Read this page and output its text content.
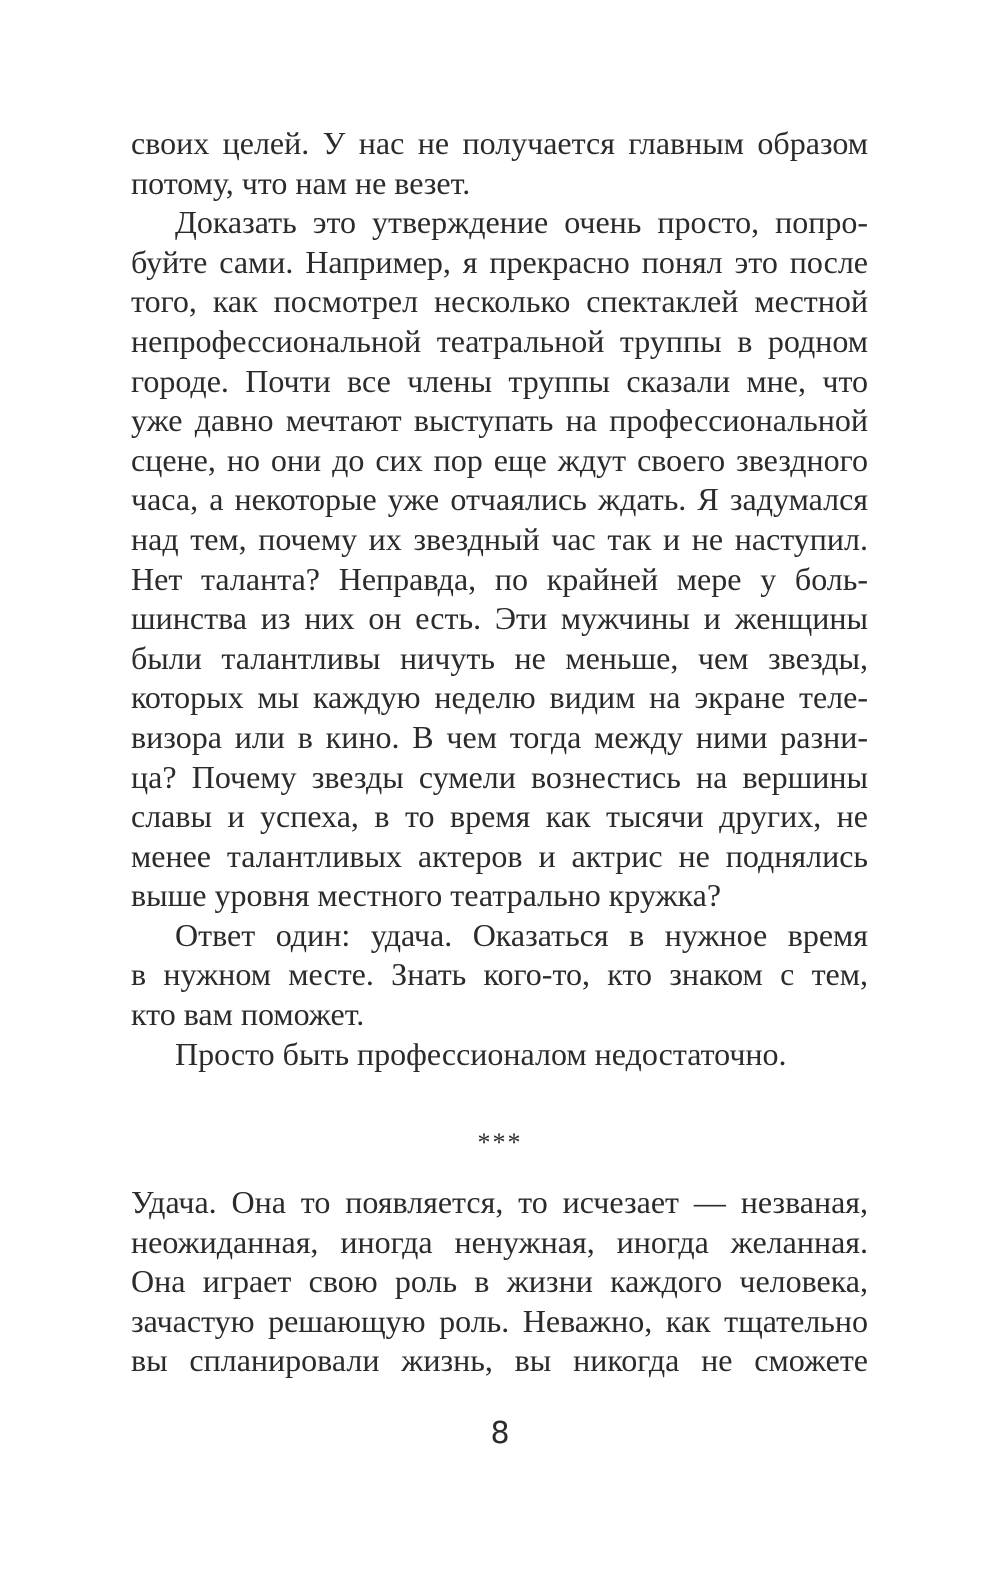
своих целей. У нас не получается главным образом
потому, что нам не везет.
Доказать это утверждение очень просто, попро-
буйте сами. Например, я прекрасно понял это после
того, как посмотрел несколько спектаклей местной
непрофессиональной театральной труппы в родном
городе. Почти все члены труппы сказали мне, что
уже давно мечтают выступать на профессиональной
сцене, но они до сих пор еще ждут своего звездного
часа, а некоторые уже отчаялись ждать. Я задумался
над тем, почему их звездный час так и не наступил.
Нет таланта? Неправда, по крайней мере у боль-
шинства из них он есть. Эти мужчины и женщины
были талантливы ничуть не меньше, чем звезды,
которых мы каждую неделю видим на экране теле-
визора или в кино. В чем тогда между ними разни-
ца? Почему звезды сумели вознестись на вершины
славы и успеха, в то время как тысячи других, не
менее талантливых актеров и актрис не поднялись
выше уровня местного театрально кружка?
Ответ один: удача. Оказаться в нужное время
в нужном месте. Знать кого-то, кто знаком с тем,
кто вам поможет.
Просто быть профессионалом недостаточно.
***
Удача. Она то появляется, то исчезает — незваная,
неожиданная, иногда ненужная, иногда желанная.
Она играет свою роль в жизни каждого человека,
зачастую решающую роль. Неважно, как тщательно
вы спланировали жизнь, вы никогда не сможете
8
